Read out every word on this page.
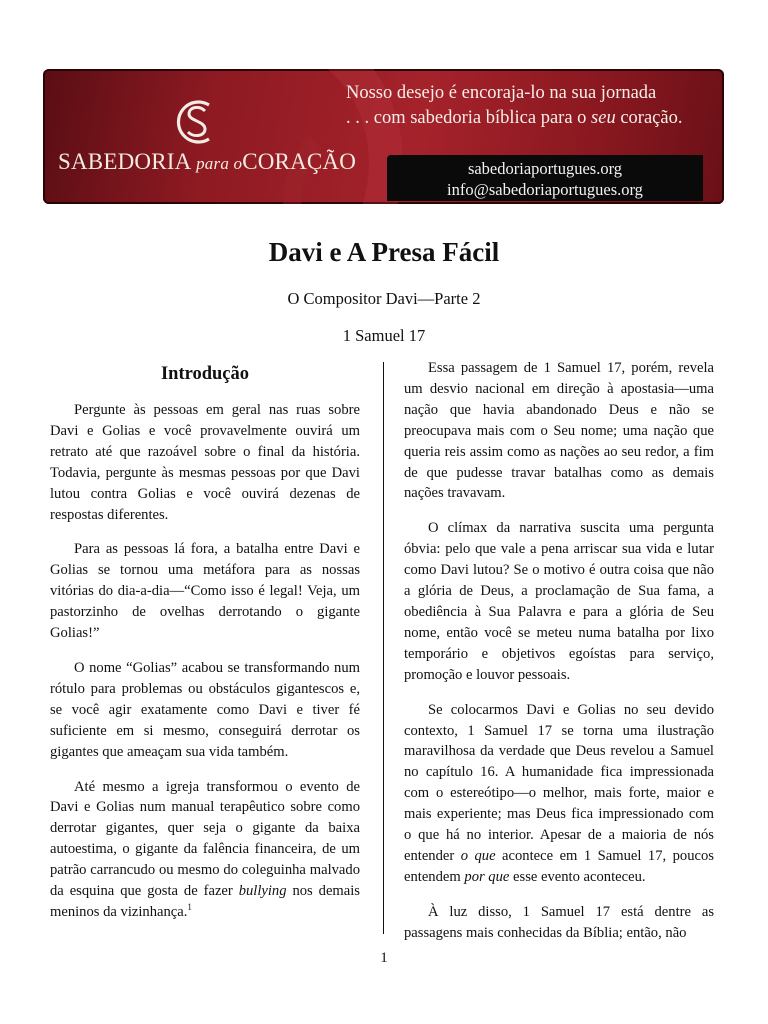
SABEDORIA para oCORAÇÃO
Nosso desejo é encoraja-lo na sua jornada
. . . com sabedoria bíblica para o seu coração.
sabedoriaportugues.org
info@sabedoriaportugues.org
Davi e A Presa Fácil
O Compositor Davi—Parte 2
1 Samuel 17
Introdução

Pergunte às pessoas em geral nas ruas sobre Davi e Golias e você provavelmente ouvirá um retrato até que razoável sobre o final da história. Todavia, pergunte às mesmas pessoas por que Davi lutou contra Golias e você ouvirá dezenas de respostas diferentes.

Para as pessoas lá fora, a batalha entre Davi e Golias se tornou uma metáfora para as nossas vitórias do dia-a-dia—“Como isso é legal! Veja, um pastorzinho de ovelhas derrotando o gigante Golias!”

O nome “Golias” acabou se transformando num rótulo para problemas ou obstáculos gigantescos e, se você agir exatamente como Davi e tiver fé suficiente em si mesmo, conseguirá derrotar os gigantes que ameaçam sua vida também.

Até mesmo a igreja transformou o evento de Davi e Golias num manual terapêutico sobre como derrotar gigantes, quer seja o gigante da baixa autoestima, o gigante da falência financeira, de um patrão carrancudo ou mesmo do coleguinha malvado da esquina que gosta de fazer bullying nos demais meninos da vizinhança.$^1$

Essa passagem de 1 Samuel 17, porém, revela um desvio nacional em direção à apostasia—uma nação que havia abandonado Deus e não se preocupava mais com o Seu nome; uma nação que queria reis assim como as nações ao seu redor, a fim de que pudesse travar batalhas como as demais nações travavam.

O clímax da narrativa suscita uma pergunta óbvia: pelo que vale a pena arriscar sua vida e lutar como Davi lutou? Se o motivo é outra coisa que não a glória de Deus, a proclamação de Sua fama, a obediência à Sua Palavra e para a glória de Seu nome, então você se meteu numa batalha por lixo temporário e objetivos egoístas para serviço, promoção e louvor pessoais.

Se colocarmos Davi e Golias no seu devido contexto, 1 Samuel 17 se torna uma ilustração maravilhosa da verdade que Deus revelou a Samuel no capítulo 16. A humanidade fica impressionada com o estereótipo—o melhor, mais forte, maior e mais experiente; mas Deus fica impressionado com o que há no interior. Apesar de a maioria de nós entender o que acontece em 1 Samuel 17, poucos entendem por que esse evento aconteceu.

À luz disso, 1 Samuel 17 está dentre as passagens mais conhecidas da Bíblia; então, não

1
